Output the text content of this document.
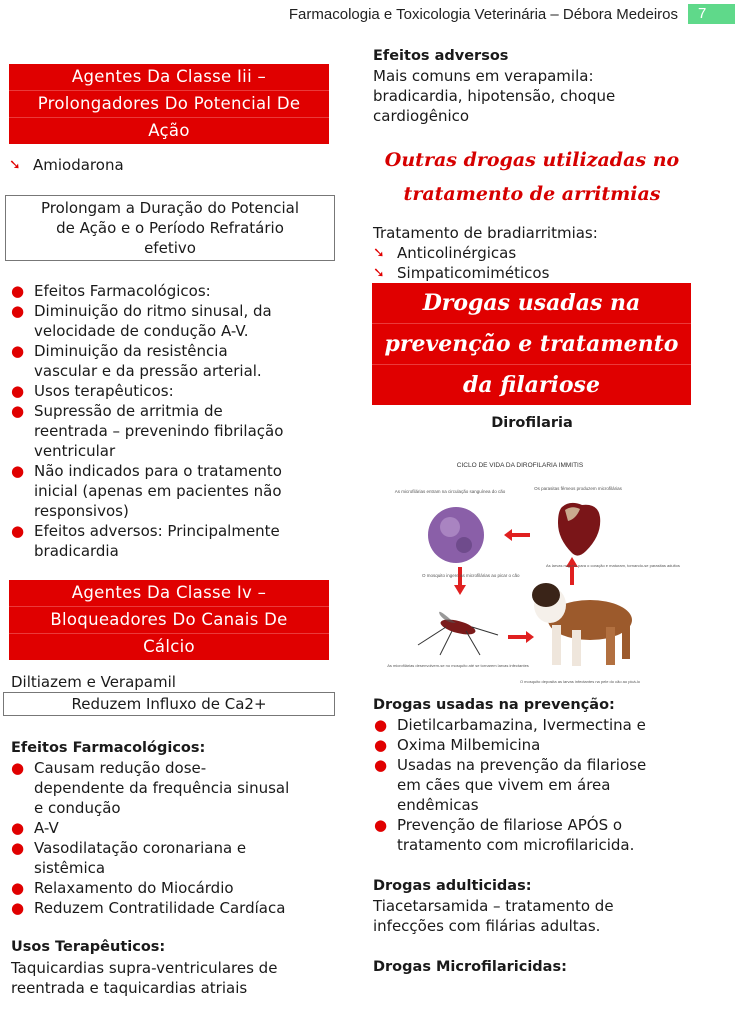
Farmacologia e Toxicologia Veterinária – Débora Medeiros	7
Agentes Da Classe Iii –
Prolongadores Do Potencial De
Ação
➘ Amiodarona
Prolongam a Duração do Potencial
de Ação e o Período Refratário
efetivo
● Efeitos Farmacológicos:
● Diminuição do ritmo sinusal, da
velocidade de condução A-V.
● Diminuição da resistência
vascular e da pressão arterial.
● Usos terapêuticos:
● Supressão de arritmia de
reentrada – prevenindo fibrilação
ventricular
● Não indicados para o tratamento
inicial (apenas em pacientes não
responsivos)
● Efeitos adversos: Principalmente
bradicardia
Agentes Da Classe Iv –
Bloqueadores Do Canais De
Cálcio
Diltiazem e Verapamil
Reduzem Influxo de Ca2+
Efeitos Farmacológicos:
● Causam redução dose-
dependente da frequência sinusal
e condução
● A-V
● Vasodilatação coronariana e
sistêmica
● Relaxamento do Miocárdio
● Reduzem Contratilidade Cardíaca
Usos Terapêuticos:
Taquicardias supra-ventriculares de
reentrada e taquicardias atriais
Efeitos adversos
Mais comuns em verapamila:
bradicardia, hipotensão, choque
cardiogênico
Outras drogas utilizadas no
tratamento de arritmias
Tratamento de bradiarritmias:
➘ Anticolinérgicas
➘ Simpaticomiméticos
Drogas usadas na
prevenção e tratamento
da filariose
Dirofilaria
CICLO DE VIDA DA DIROFILARIA IMMITIS
As microfilárias entram na circulação sanguínea do cão
Os parasitas fêmeos produzem microfilárias
O mosquito ingere as microfilárias ao picar o cão
As larvas migram para o coração e maturam, tornando-se parasitas adultos
As microfilárias desenvolvem-se no mosquito até se tornarem larvas infectantes
O mosquito deposita as larvas infectantes na pele do cão ao picá-lo
Drogas usadas na prevenção:
● Dietilcarbamazina, Ivermectina e
● Oxima Milbemicina
● Usadas na prevenção da filariose
em cães que vivem em área
endêmicas
● Prevenção de filariose APÓS o
tratamento com microfilaricida.
Drogas adulticidas:
Tiacetarsamida – tratamento de
infecções com filárias adultas.
Drogas Microfilaricidas:
